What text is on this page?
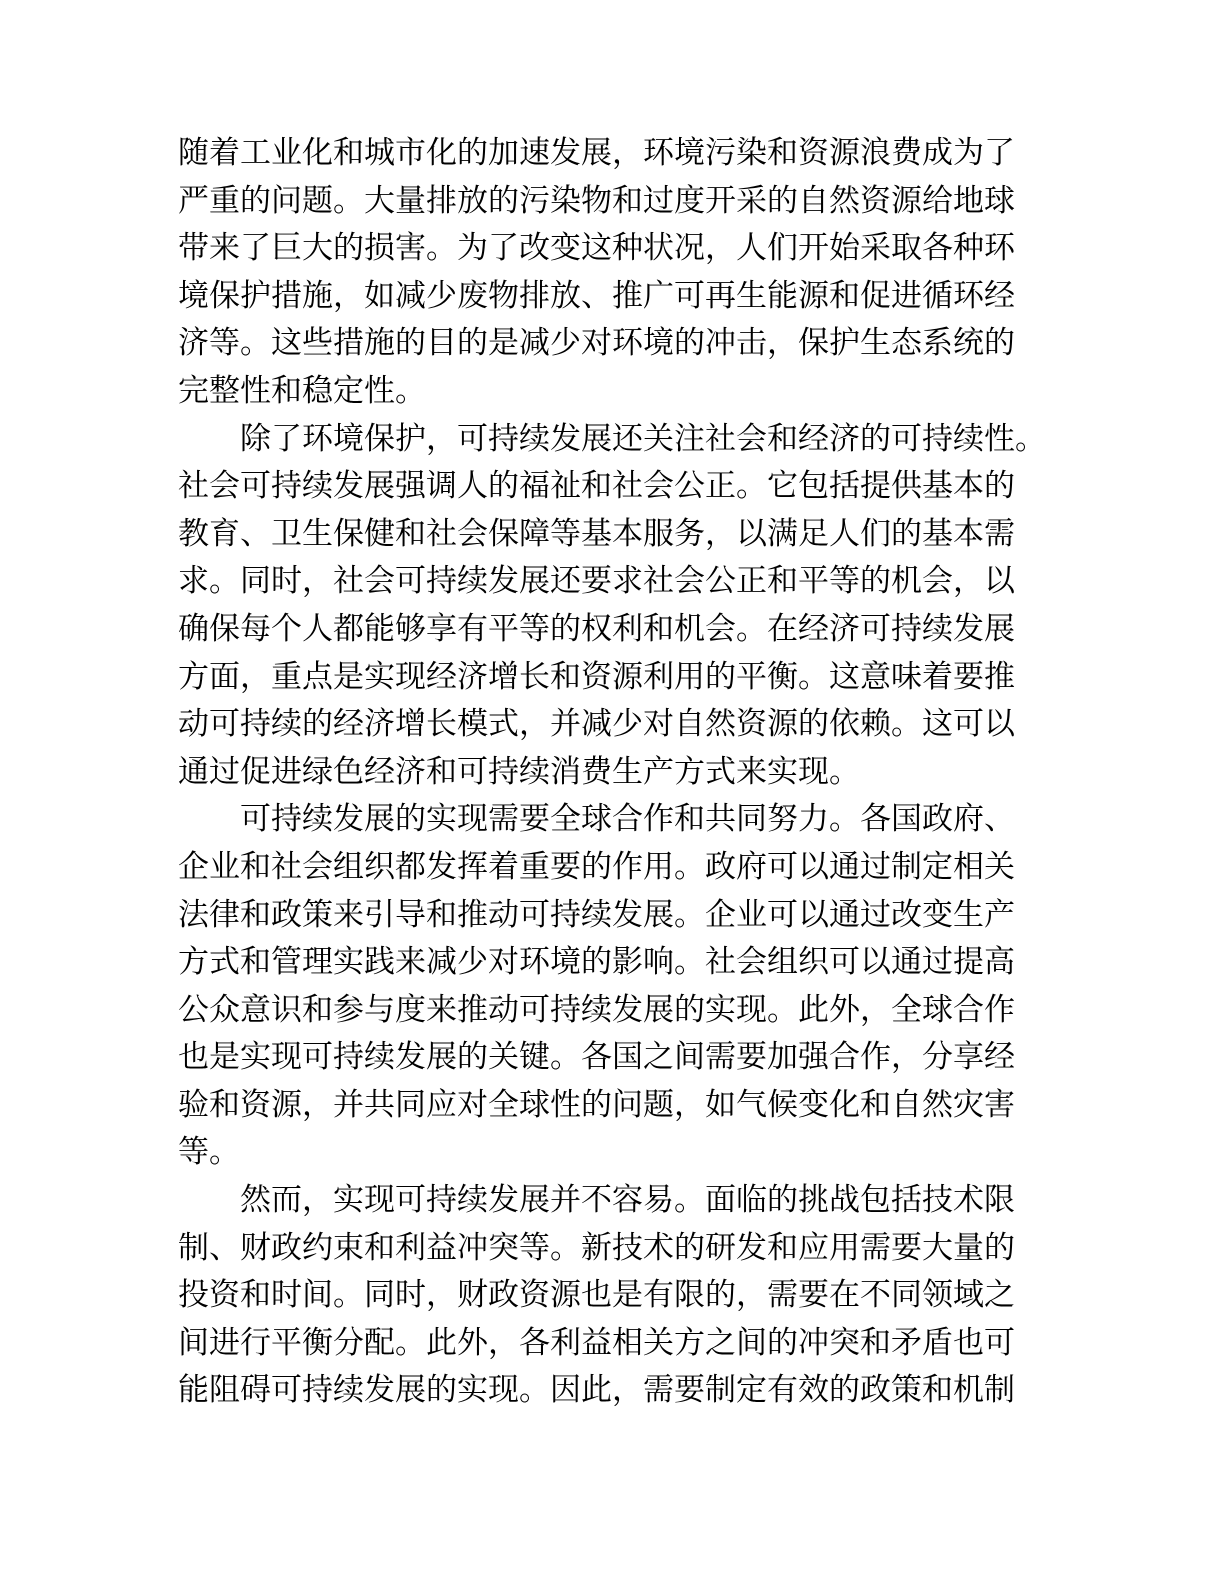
随着工业化和城市化的加速发展，环境污染和资源浪费成为了
严重的问题。大量排放的污染物和过度开采的自然资源给地球
带来了巨大的损害。为了改变这种状况，人们开始采取各种环
境保护措施，如减少废物排放、推广可再生能源和促进循环经
济等。这些措施的目的是减少对环境的冲击，保护生态系统的
完整性和稳定性。
除了环境保护，可持续发展还关注社会和经济的可持续性。
社会可持续发展强调人的福祉和社会公正。它包括提供基本的
教育、卫生保健和社会保障等基本服务，以满足人们的基本需
求。同时，社会可持续发展还要求社会公正和平等的机会，以
确保每个人都能够享有平等的权利和机会。在经济可持续发展
方面，重点是实现经济增长和资源利用的平衡。这意味着要推
动可持续的经济增长模式，并减少对自然资源的依赖。这可以
通过促进绿色经济和可持续消费生产方式来实现。
可持续发展的实现需要全球合作和共同努力。各国政府、
企业和社会组织都发挥着重要的作用。政府可以通过制定相关
法律和政策来引导和推动可持续发展。企业可以通过改变生产
方式和管理实践来减少对环境的影响。社会组织可以通过提高
公众意识和参与度来推动可持续发展的实现。此外，全球合作
也是实现可持续发展的关键。各国之间需要加强合作，分享经
验和资源，并共同应对全球性的问题，如气候变化和自然灾害
等。
然而，实现可持续发展并不容易。面临的挑战包括技术限
制、财政约束和利益冲突等。新技术的研发和应用需要大量的
投资和时间。同时，财政资源也是有限的，需要在不同领域之
间进行平衡分配。此外，各利益相关方之间的冲突和矛盾也可
能阻碍可持续发展的实现。因此，需要制定有效的政策和机制
